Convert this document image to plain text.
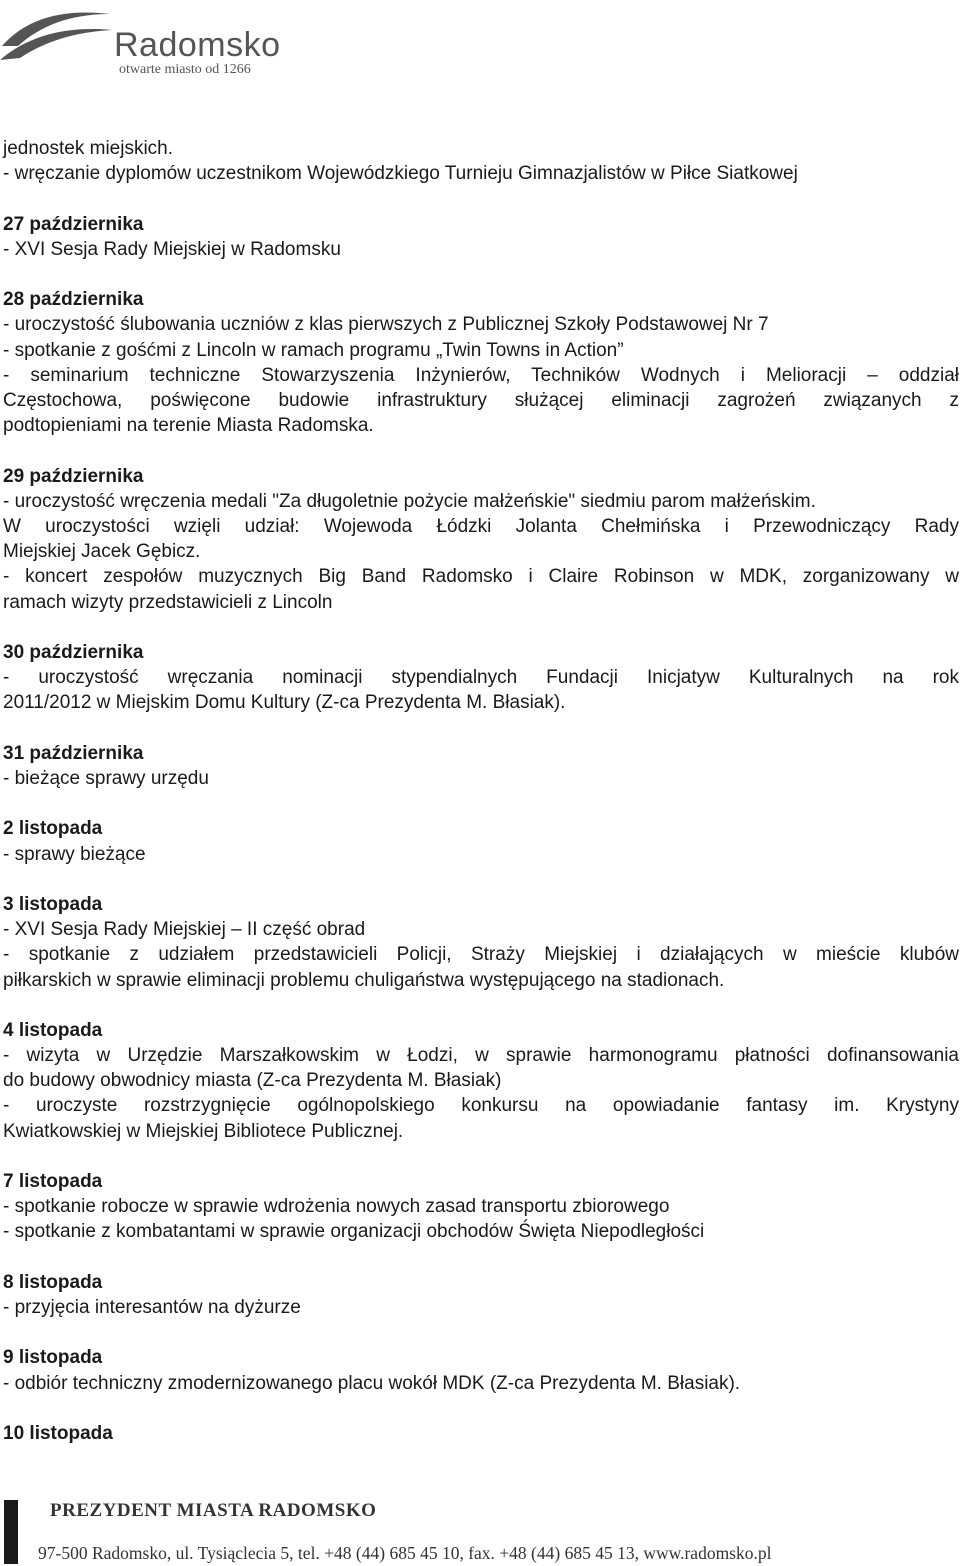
Radomsko
otwarte miasto od 1266
jednostek miejskich.
- wręczanie dyplomów uczestnikom Wojewódzkiego Turnieju Gimnazjalistów w Piłce Siatkowej
27 października
- XVI Sesja Rady Miejskiej w Radomsku
28 października
- uroczystość ślubowania uczniów z klas pierwszych z Publicznej Szkoły Podstawowej Nr 7
- spotkanie z gośćmi z Lincoln w ramach programu „Twin Towns in Action”
- seminarium techniczne Stowarzyszenia Inżynierów, Techników Wodnych i Melioracji – oddział
Częstochowa, poświęcone budowie infrastruktury służącej eliminacji zagrożeń związanych z
podtopieniami na terenie Miasta Radomska.
29 października
- uroczystość wręczenia medali "Za długoletnie pożycie małżeńskie" siedmiu parom małżeńskim.
W uroczystości wzięli udział: Wojewoda Łódzki Jolanta Chełmińska i Przewodniczący Rady
Miejskiej Jacek Gębicz.
- koncert zespołów muzycznych Big Band Radomsko i Claire Robinson w MDK, zorganizowany w
ramach wizyty przedstawicieli z Lincoln
30 października
- uroczystość wręczania nominacji stypendialnych Fundacji Inicjatyw Kulturalnych na rok
2011/2012 w Miejskim Domu Kultury (Z-ca Prezydenta M. Błasiak).
31 października
- bieżące sprawy urzędu
2 listopada
- sprawy bieżące
3 listopada
- XVI Sesja Rady Miejskiej – II część obrad
- spotkanie z udziałem przedstawicieli Policji, Straży Miejskiej i działających w mieście klubów
piłkarskich w sprawie eliminacji problemu chuligaństwa występującego na stadionach.
4 listopada
- wizyta w Urzędzie Marszałkowskim w Łodzi, w sprawie harmonogramu płatności dofinansowania
do budowy obwodnicy miasta (Z-ca Prezydenta M. Błasiak)
- uroczyste rozstrzygnięcie ogólnopolskiego konkursu na opowiadanie fantasy im. Krystyny
Kwiatkowskiej w Miejskiej Bibliotece Publicznej.
7 listopada
- spotkanie robocze w sprawie wdrożenia nowych zasad transportu zbiorowego
- spotkanie z kombatantami w sprawie organizacji obchodów Święta Niepodległości
8 listopada
- przyjęcia interesantów na dyżurze
9 listopada
- odbiór techniczny zmodernizowanego placu wokół MDK (Z-ca Prezydenta M. Błasiak).
10 listopada
PREZYDENT MIASTA RADOMSKO
97-500 Radomsko, ul. Tysiąclecia 5, tel. +48 (44) 685 45 10, fax. +48 (44) 685 45 13, www.radomsko.pl
